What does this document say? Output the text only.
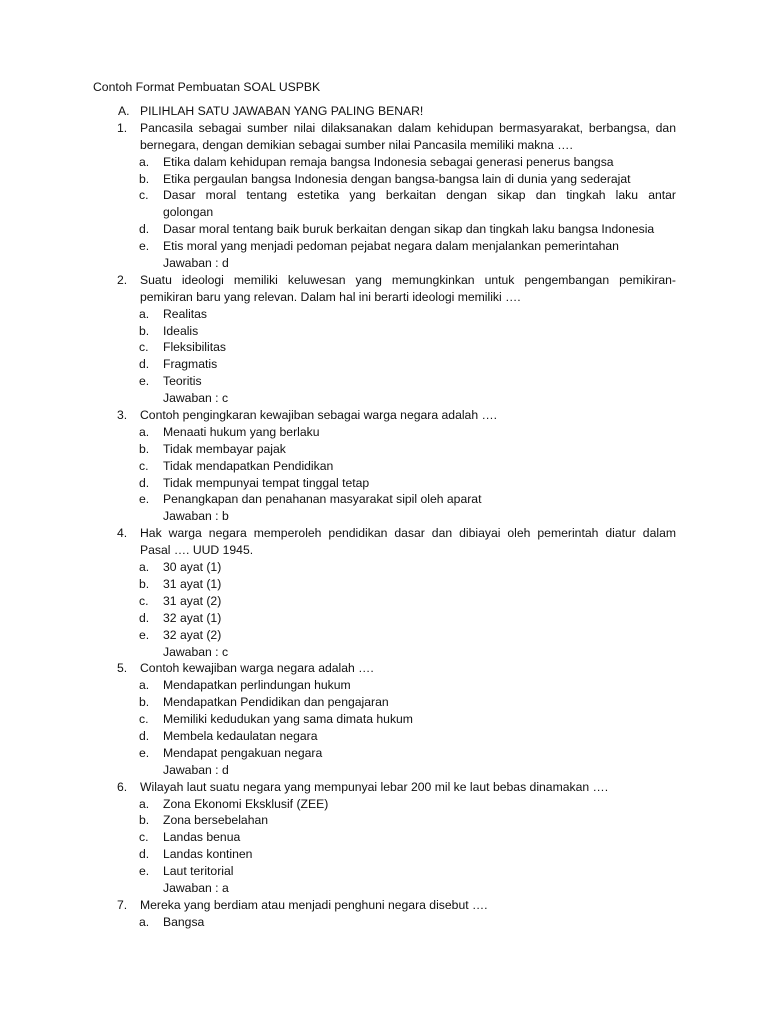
Contoh Format Pembuatan SOAL USPBK
A. PILIHLAH SATU JAWABAN YANG PALING BENAR!
1. Pancasila sebagai sumber nilai dilaksanakan dalam kehidupan bermasyarakat, berbangsa, dan
bernegara, dengan demikian sebagai sumber nilai Pancasila memiliki makna ….
a. Etika dalam kehidupan remaja bangsa Indonesia sebagai generasi penerus bangsa
b. Etika pergaulan bangsa Indonesia dengan bangsa-bangsa lain di dunia yang sederajat
c. Dasar moral tentang estetika yang berkaitan dengan sikap dan tingkah laku antar
golongan
d. Dasar moral tentang baik buruk berkaitan dengan sikap dan tingkah laku bangsa Indonesia
e. Etis moral yang menjadi pedoman pejabat negara dalam menjalankan pemerintahan
Jawaban : d
2. Suatu ideologi memiliki keluwesan yang memungkinkan untuk pengembangan pemikiran-
pemikiran baru yang relevan. Dalam hal ini berarti ideologi memiliki ….
a. Realitas
b. Idealis
c. Fleksibilitas
d. Fragmatis
e. Teoritis
Jawaban : c
3. Contoh pengingkaran kewajiban sebagai warga negara adalah ….
a. Menaati hukum yang berlaku
b. Tidak membayar pajak
c. Tidak mendapatkan Pendidikan
d. Tidak mempunyai tempat tinggal tetap
e. Penangkapan dan penahanan masyarakat sipil oleh aparat
Jawaban : b
4. Hak warga negara memperoleh pendidikan dasar dan dibiayai oleh pemerintah diatur dalam
Pasal …. UUD 1945.
a. 30 ayat (1)
b. 31 ayat (1)
c. 31 ayat (2)
d. 32 ayat (1)
e. 32 ayat (2)
Jawaban : c
5. Contoh kewajiban warga negara adalah ….
a. Mendapatkan perlindungan hukum
b. Mendapatkan Pendidikan dan pengajaran
c. Memiliki kedudukan yang sama dimata hukum
d. Membela kedaulatan negara
e. Mendapat pengakuan negara
Jawaban : d
6. Wilayah laut suatu negara yang mempunyai lebar 200 mil ke laut bebas dinamakan ….
a. Zona Ekonomi Eksklusif (ZEE)
b. Zona bersebelahan
c. Landas benua
d. Landas kontinen
e. Laut teritorial
Jawaban : a
7. Mereka yang berdiam atau menjadi penghuni negara disebut ….
a. Bangsa
